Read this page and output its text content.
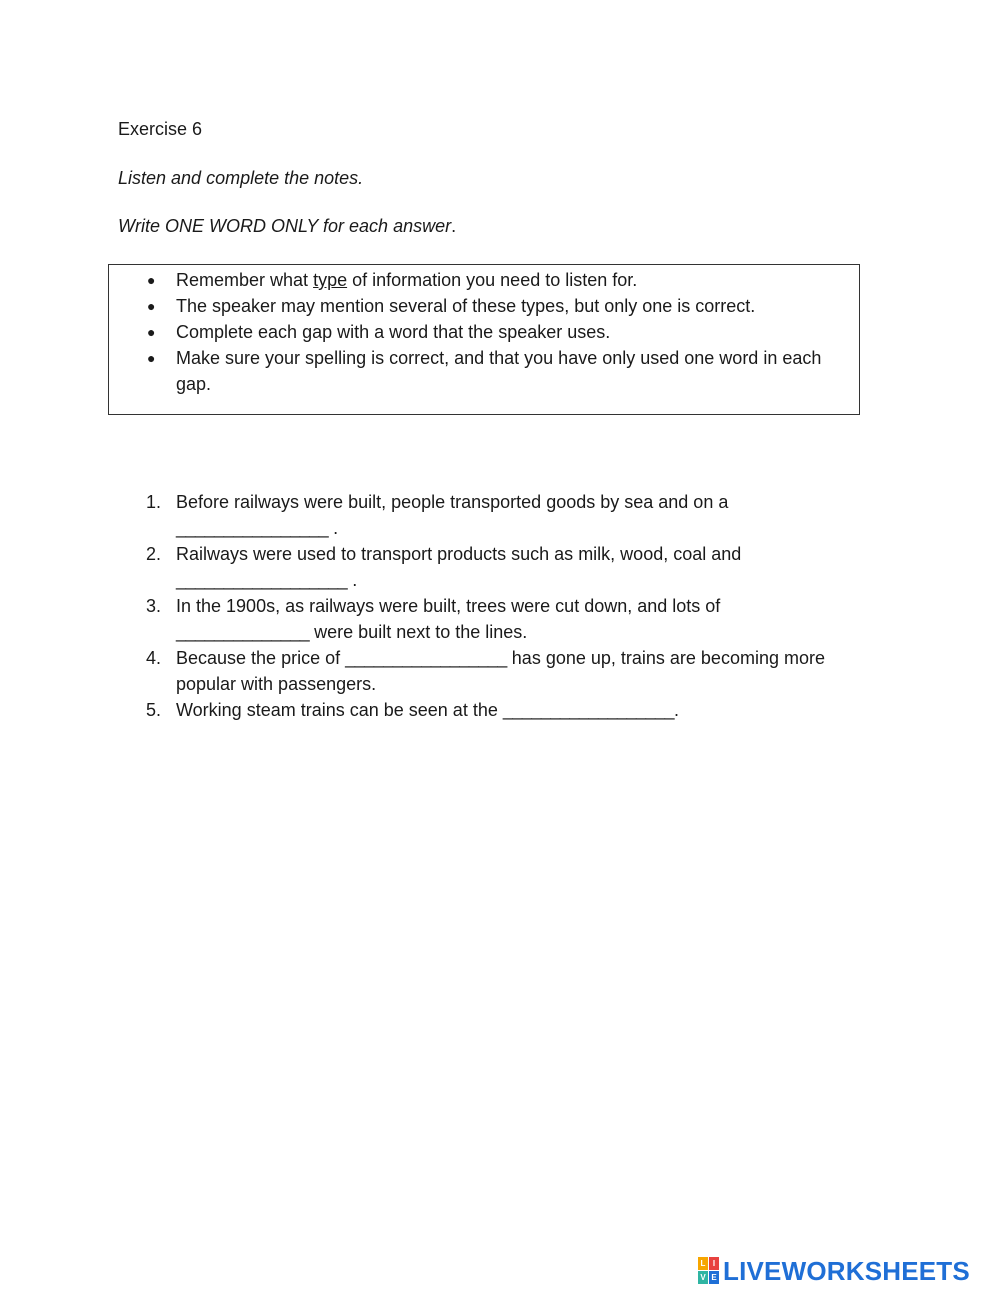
Exercise 6
Listen and complete the notes.
Write ONE WORD ONLY for each answer.
● Remember what type of information you need to listen for.
● The speaker may mention several of these types, but only one is correct.
● Complete each gap with a word that the speaker uses.
● Make sure your spelling is correct, and that you have only used one word in each gap.
1. Before railways were built, people transported goods by sea and on a ________________ .
2. Railways were used to transport products such as milk, wood, coal and __________________ .
3. In the 1900s, as railways were built, trees were cut down, and lots of ______________ were built next to the lines.
4. Because the price of _________________ has gone up, trains are becoming more popular with passengers.
5. Working steam trains can be seen at the __________________.
L I
V E LIVEWORKSHEETS
